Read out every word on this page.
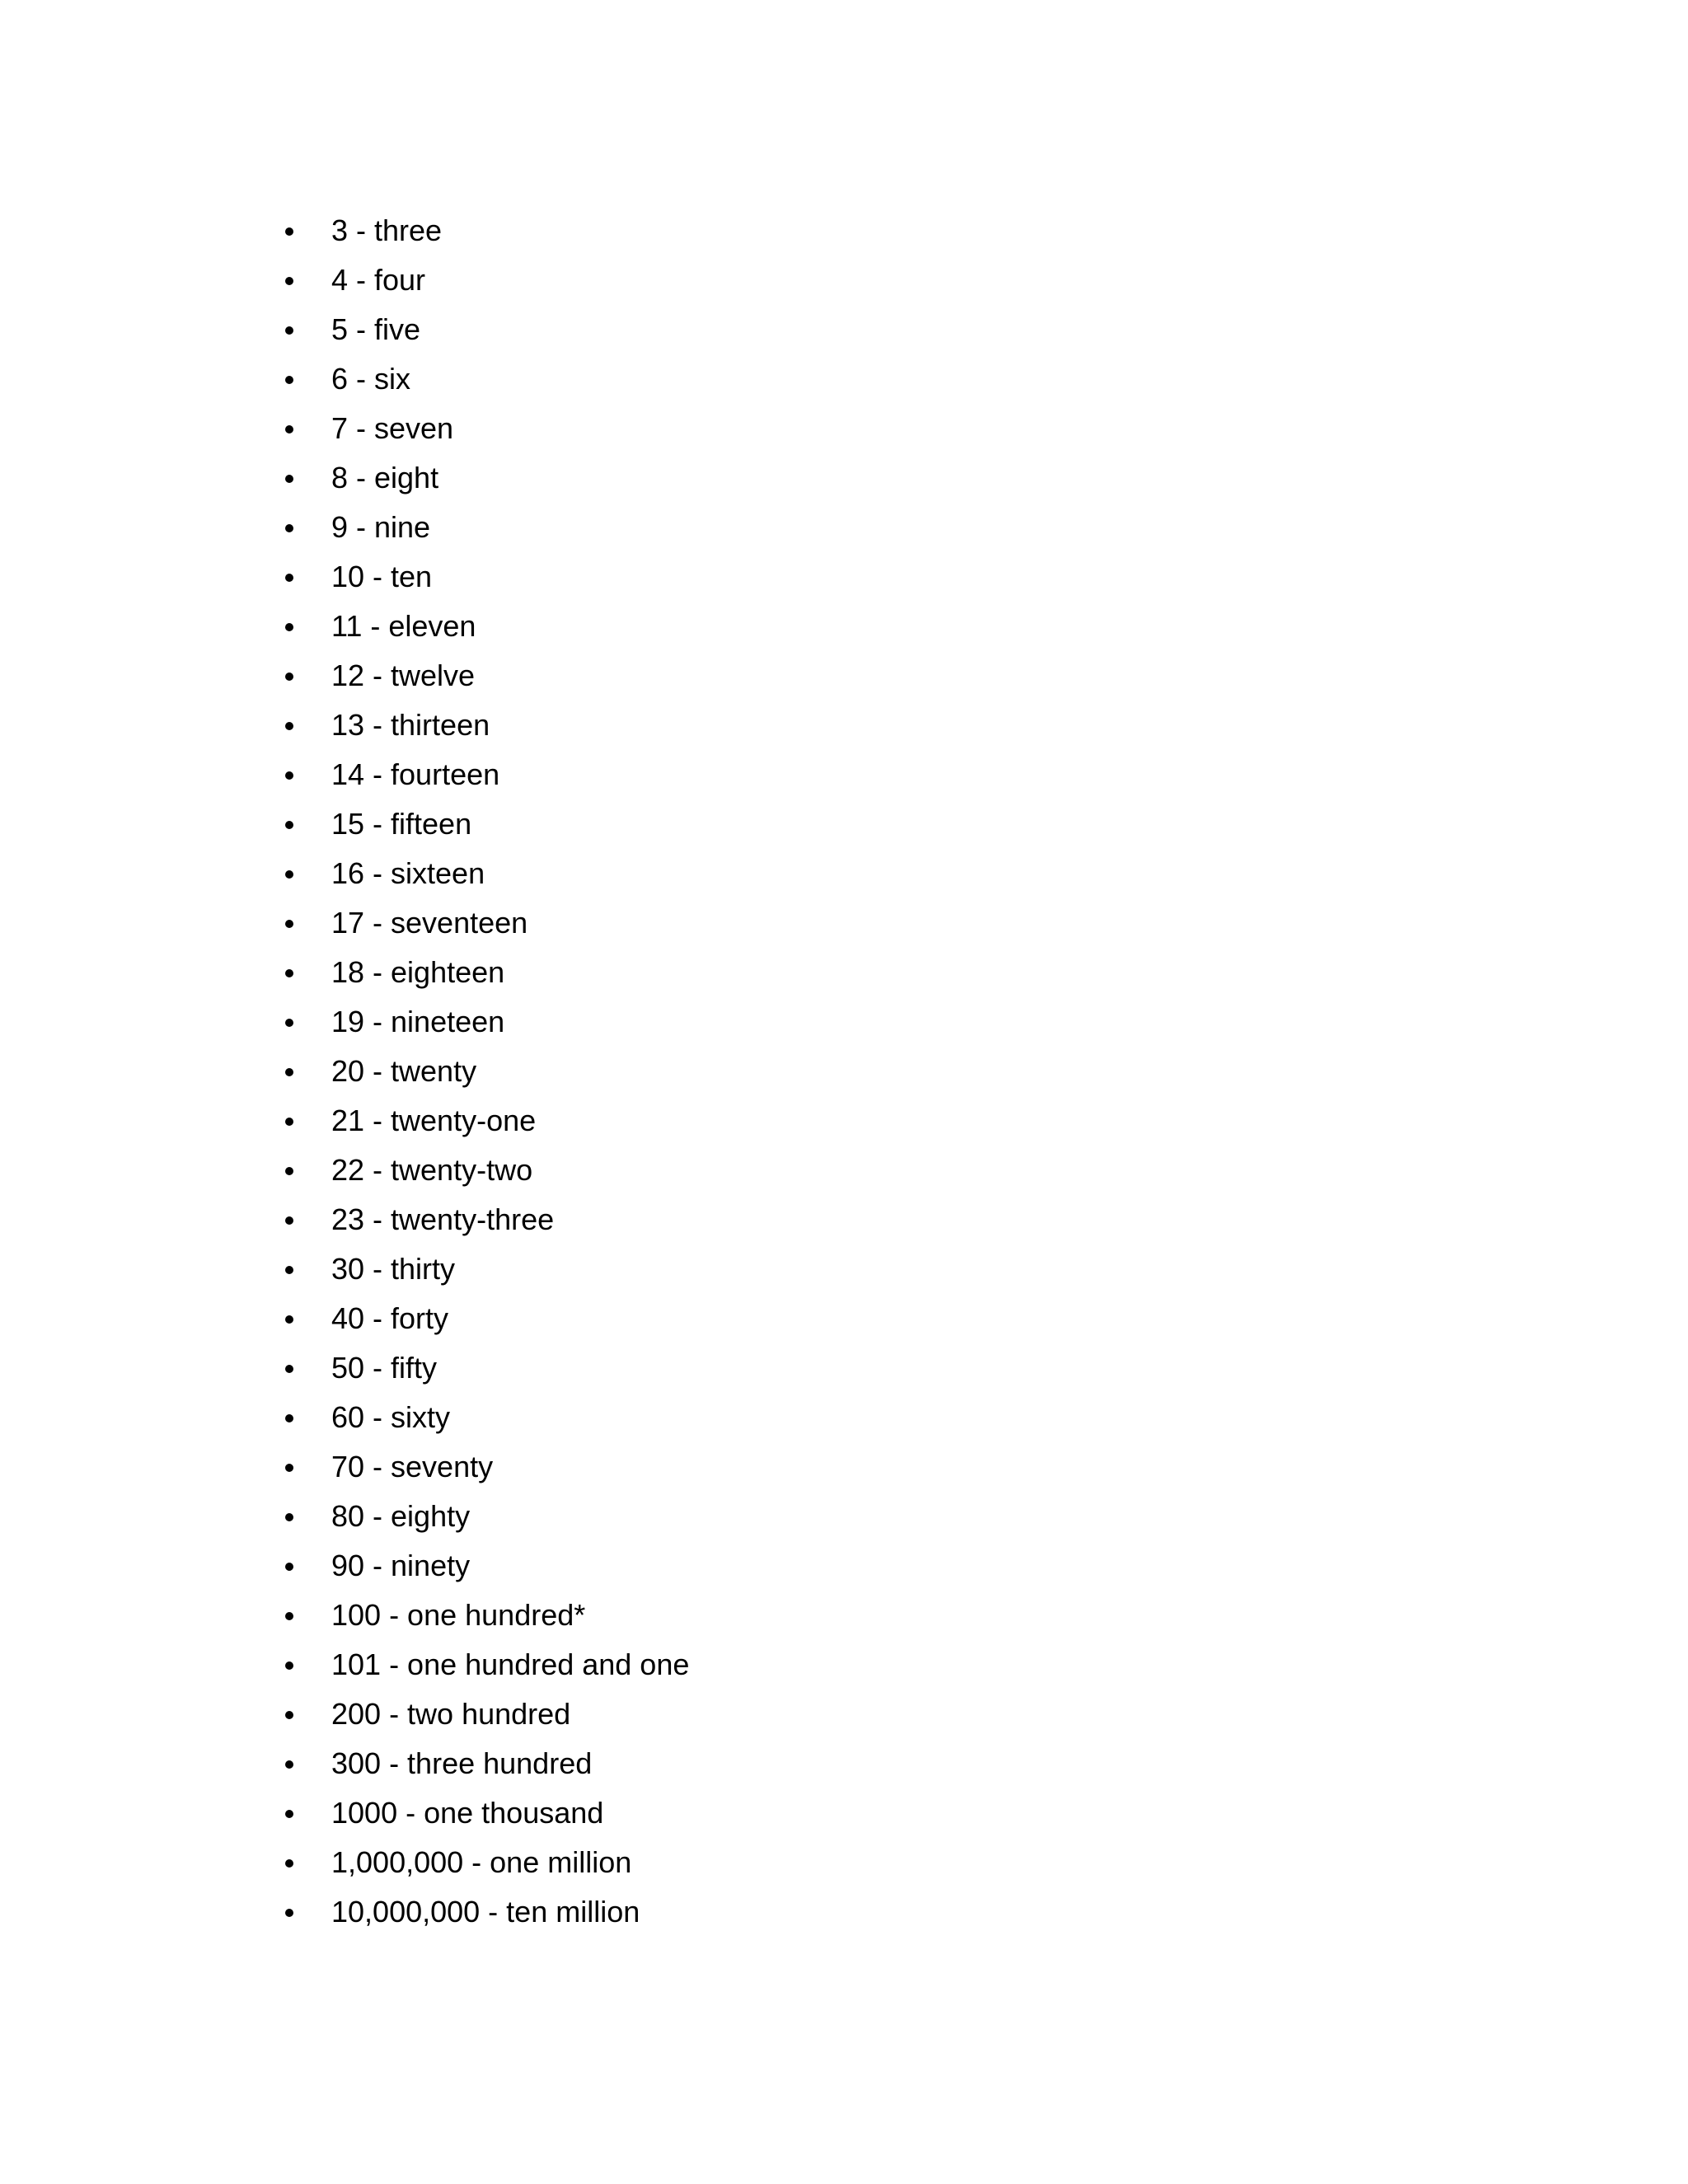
3 - three
4 - four
5 - five
6 - six
7 - seven
8 - eight
9 - nine
10 - ten
11 - eleven
12 - twelve
13 - thirteen
14 - fourteen
15 - fifteen
16 - sixteen
17 - seventeen
18 - eighteen
19 - nineteen
20 - twenty
21 - twenty-one
22 - twenty-two
23 - twenty-three
30 - thirty
40 - forty
50 - fifty
60 - sixty
70 - seventy
80 - eighty
90 - ninety
100 - one hundred*
101 - one hundred and one
200 - two hundred
300 - three hundred
1000 - one thousand
1,000,000 - one million
10,000,000 - ten million
